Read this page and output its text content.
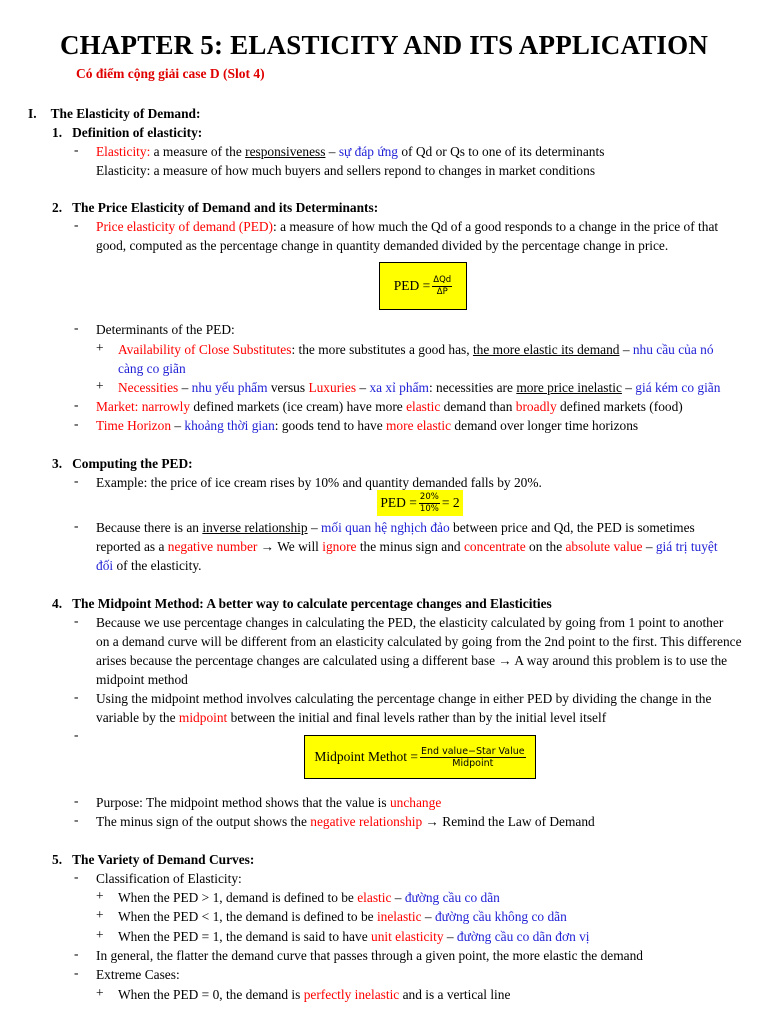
CHAPTER 5: ELASTICITY AND ITS APPLICATION
Có điểm cộng giải case D (Slot 4)
I. The Elasticity of Demand:
1.   Definition of elasticity:
- Elasticity: a measure of the responsiveness – sự đáp ứng of Qd or Qs to one of its determinants
Elasticity: a measure of how much buyers and sellers repond to changes in market conditions
2.   The Price Elasticity of Demand and its Determinants:
- Price elasticity of demand (PED): a measure of how much the Qd of a good responds to a change in the price of that
good, computed as the percentage change in quantity demanded divided by the percentage change in price.
PED = $\frac{\text{ΔQd}}{\Delta P}$
- Determinants of the PED:
+ Availability of Close Substitutes: the more substitutes a good has, the more elastic its demand – nhu cầu của nó
càng co giãn
+ Necessities – nhu yếu phẩm versus Luxuries – xa xỉ phẩm: necessities are more price inelastic – giá kém co giãn
- Market: narrowly defined markets (ice cream) have more elastic demand than broadly defined markets (food)
- Time Horizon – khoảng thời gian: goods tend to have more elastic demand over longer time horizons
3.   Computing the PED:
- Example: the price of ice cream rises by 10% and quantity demanded falls by 20%.
PED = $\frac{20\%}{10\%} = 2$
- Because there is an inverse relationship – mối quan hệ nghịch đảo between price and Qd, the PED is sometimes
reported as a negative number → We will ignore the minus sign and concentrate on the absolute value – giá trị tuyệt
đối of the elasticity.
4.   The Midpoint Method: A better way to calculate percentage changes and Elasticities
- Because we use percentage changes in calculating the PED, the elasticity calculated by going from 1 point to another
on a demand curve will be different from an elasticity calculated by going from the 2nd point to the first. This difference
arises because the percentage changes are calculated using a different base → A way around this problem is to use the
midpoint method
- Using the midpoint method involves calculating the percentage change in either PED by dividing the change in the
variable by the midpoint between the initial and final levels rather than by the initial level itself
-
Midpoint Methot = $\frac{\text{End value−Star Value}}{\text{Midpoint}}$
- Purpose: The midpoint method shows that the value is unchange
- The minus sign of the output shows the negative relationship → Remind the Law of Demand
5.   The Variety of Demand Curves:
- Classification of Elasticity:
+ When the PED > 1, demand is defined to be elastic – đường cầu co dãn
+ When the PED < 1, the demand is defined to be inelastic – đường cầu không co dãn
+ When the PED = 1, the demand is said to have unit elasticity – đường cầu co dãn đơn vị
- In general, the flatter the demand curve that passes through a given point, the more elastic the demand
- Extreme Cases:
+ When the PED = 0, the demand is perfectly inelastic and is a vertical line
